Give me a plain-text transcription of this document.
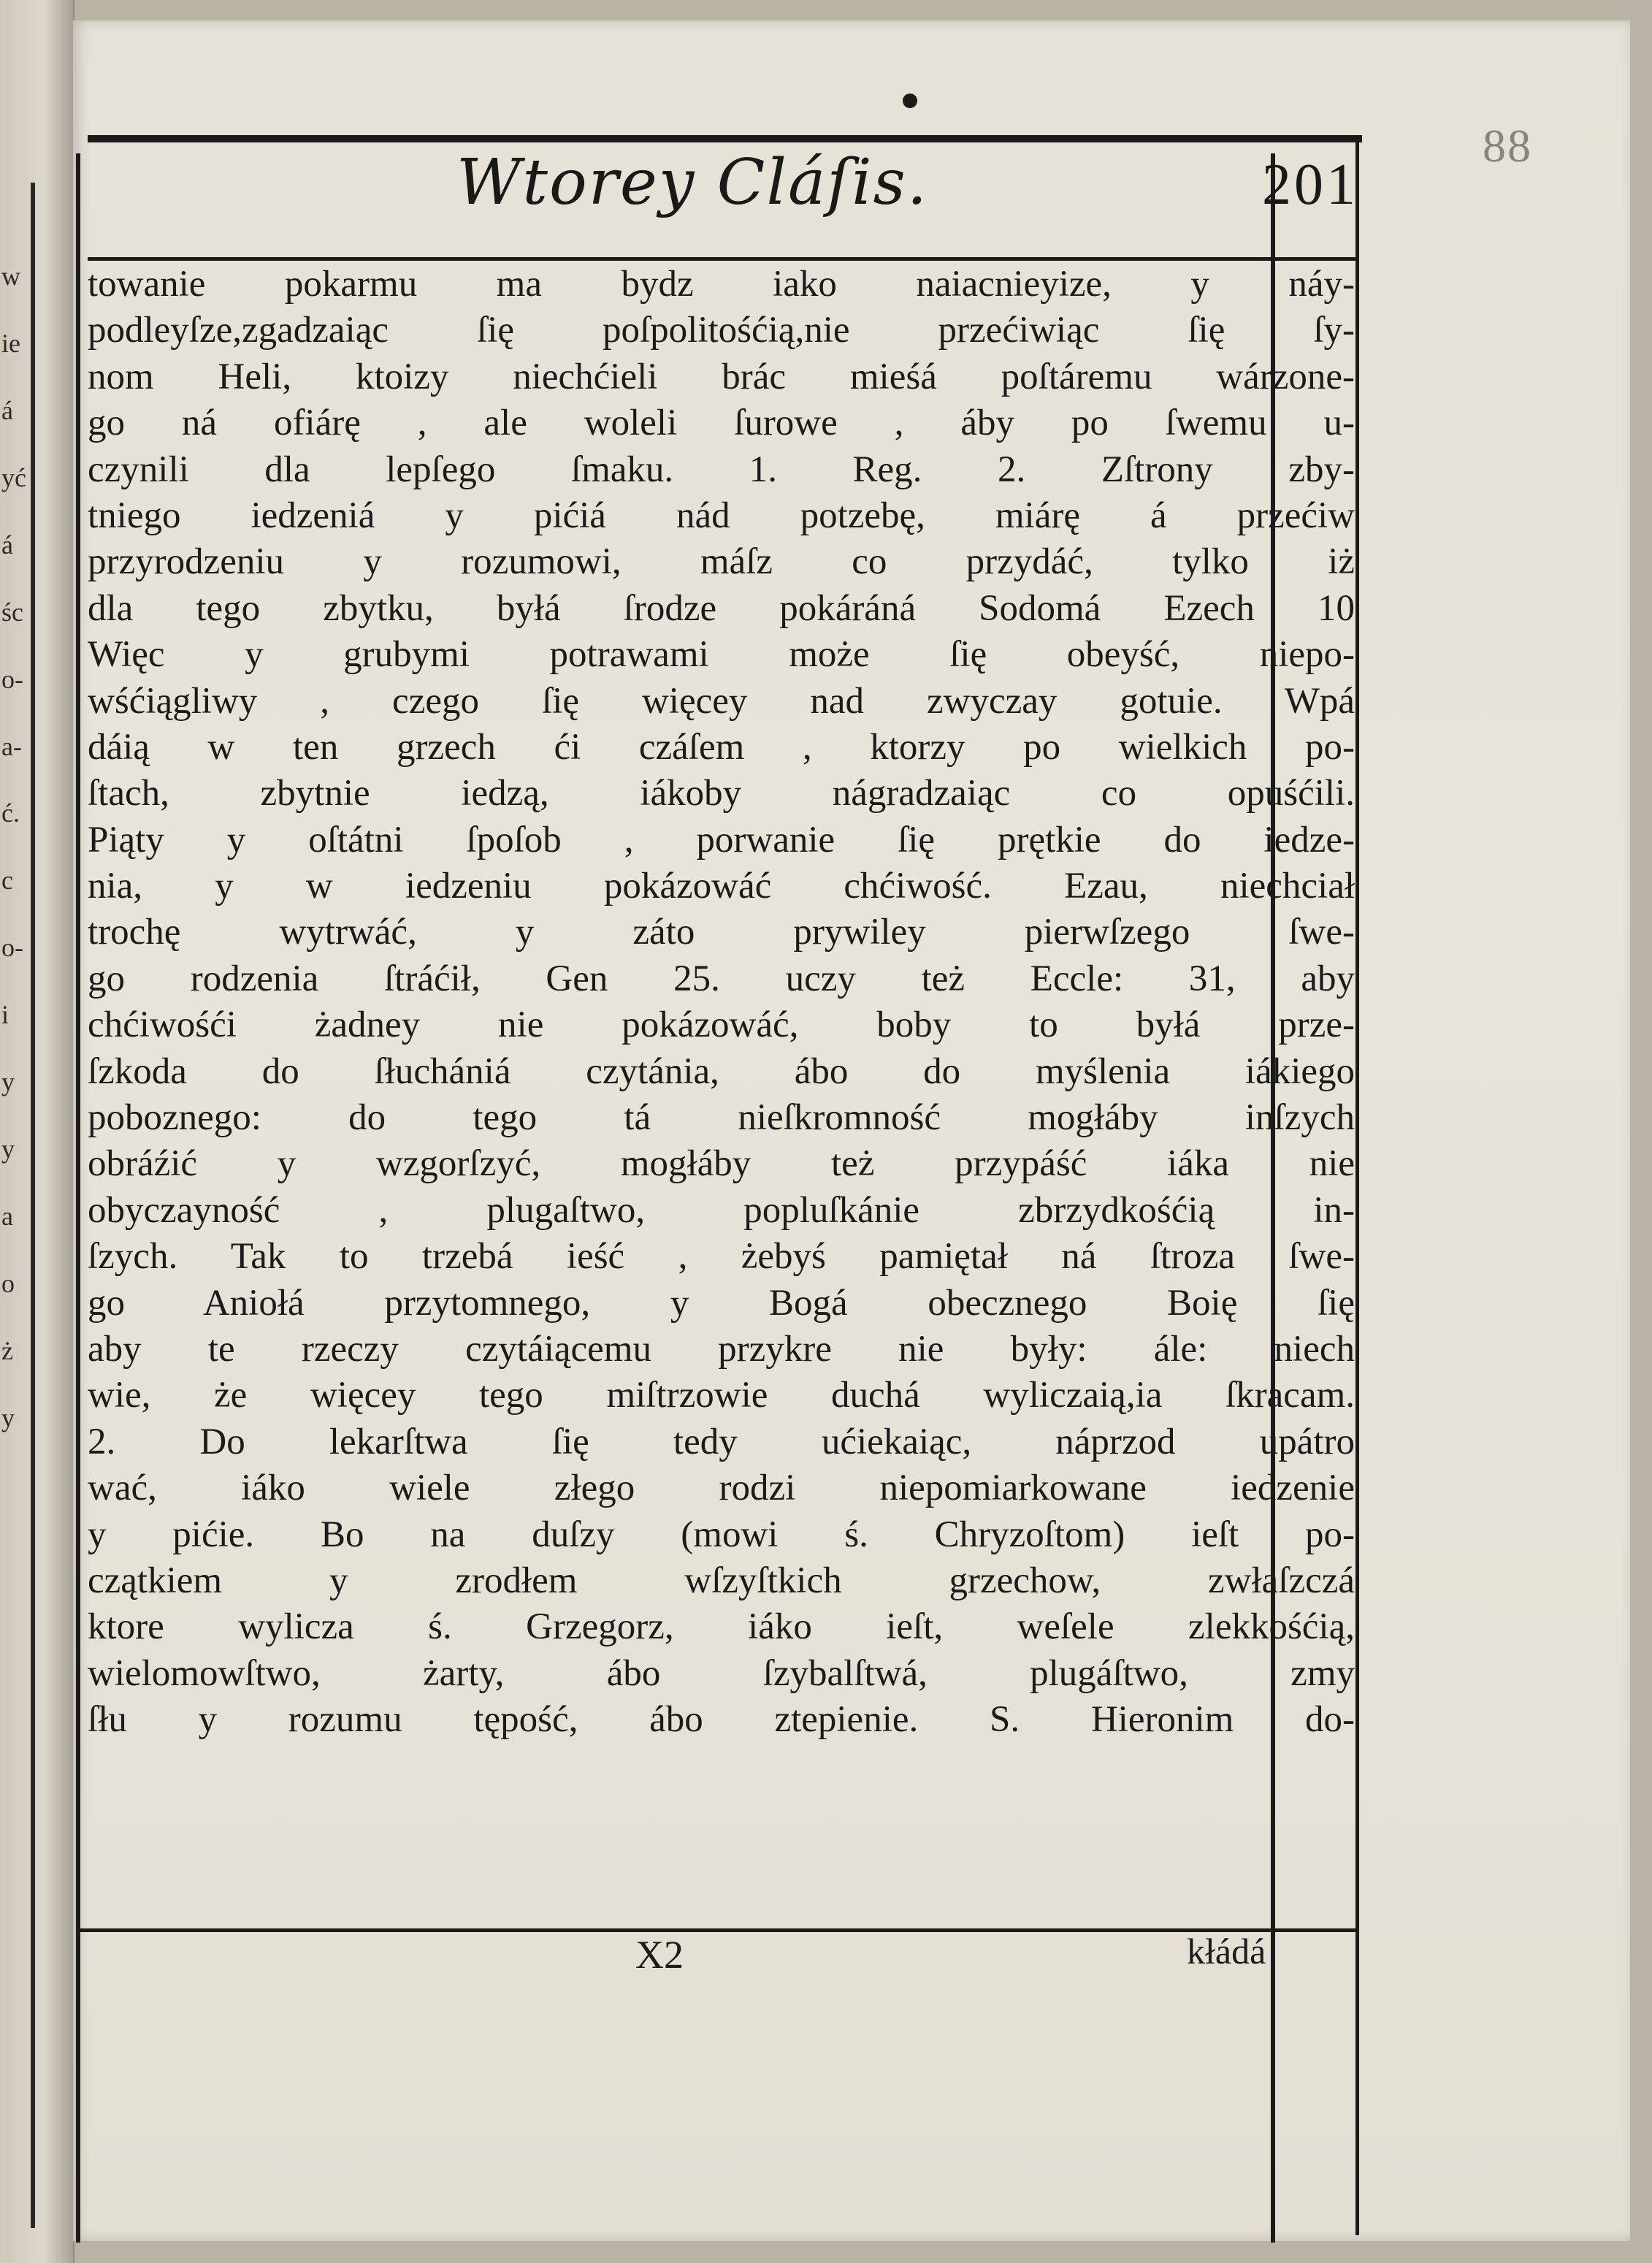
w
ie
á
yć
á
śc
o-
a-
ć.
c
o-
i
y
y
a
o
ż
y
88
Wtorey Cláſis.	201
towanie pokarmu ma bydz iako naiacnieyize, y náy-
podleyſze,zgadzaiąc ſię poſpolitośćią,nie przećiwiąc ſię ſy-
nom Heli, ktoizy niechćieli brác mieśá poſtáremu wárzone-
go ná ofiárę , ale woleli ſurowe , áby po ſwemu u-
czynili dla lepſego ſmaku. 1. Reg. 2. Zſtrony zby-
tniego iedzeniá y pićiá nád potzebę, miárę á przećiw
przyrodzeniu y rozumowi, máſz co przydáć, tylko iż
dla tego zbytku, byłá ſrodze pokáráná Sodomá Ezech 10
Więc y grubymi potrawami może ſię obeyść, niepo-
wśćiągliwy , czego ſię więcey nad zwyczay gotuie. Wpá
dáią w ten grzech ći czáſem , ktorzy po wielkich po-
ſtach, zbytnie iedzą, iákoby nágradzaiąc co opuśćili.
Piąty y oſtátni ſpoſob , porwanie ſię prętkie do iedze-
nia, y w iedzeniu pokázowáć chćiwość. Ezau, niechciał
trochę wytrwáć, y záto prywiley pierwſzego ſwe-
go rodzenia ſtráćił, Gen 25. uczy też Eccle: 31, aby
chćiwośći żadney nie pokázowáć, boby to byłá prze-
ſzkoda do ſłuchániá czytánia, ábo do myślenia iákiego
poboznego: do tego tá nieſkromność mogłáby inſzych
obráźić y wzgorſzyć, mogłáby też przypáść iáka nie
obyczayność , plugaſtwo, popluſkánie zbrzydkośćią in-
ſzych. Tak to trzebá ieść , żebyś pamiętał ná ſtroza ſwe-
go Aniołá przytomnego, y Bogá obecznego Boię ſię
aby te rzeczy czytáiącemu przykre nie były: ále: niech
wie, że więcey tego miſtrzowie duchá wyliczaią,ia ſkracam.
2. Do lekarſtwa ſię tedy ućiekaiąc, náprzod upátro
wać, iáko wiele złego rodzi niepomiarkowane iedzenie
y pićie. Bo na duſzy (mowi ś. Chryzoſtom) ieſt po-
czątkiem y zrodłem wſzyſtkich grzechow, zwłaſzczá
ktore wylicza ś. Grzegorz, iáko ieſt, weſele zlekkośćią,
wielomowſtwo, żarty, ábo ſzybalſtwá, plugáſtwo, zmy
ſłu y rozumu tępość, ábo ztepienie. S. Hieronim do-
X2	kłádá
